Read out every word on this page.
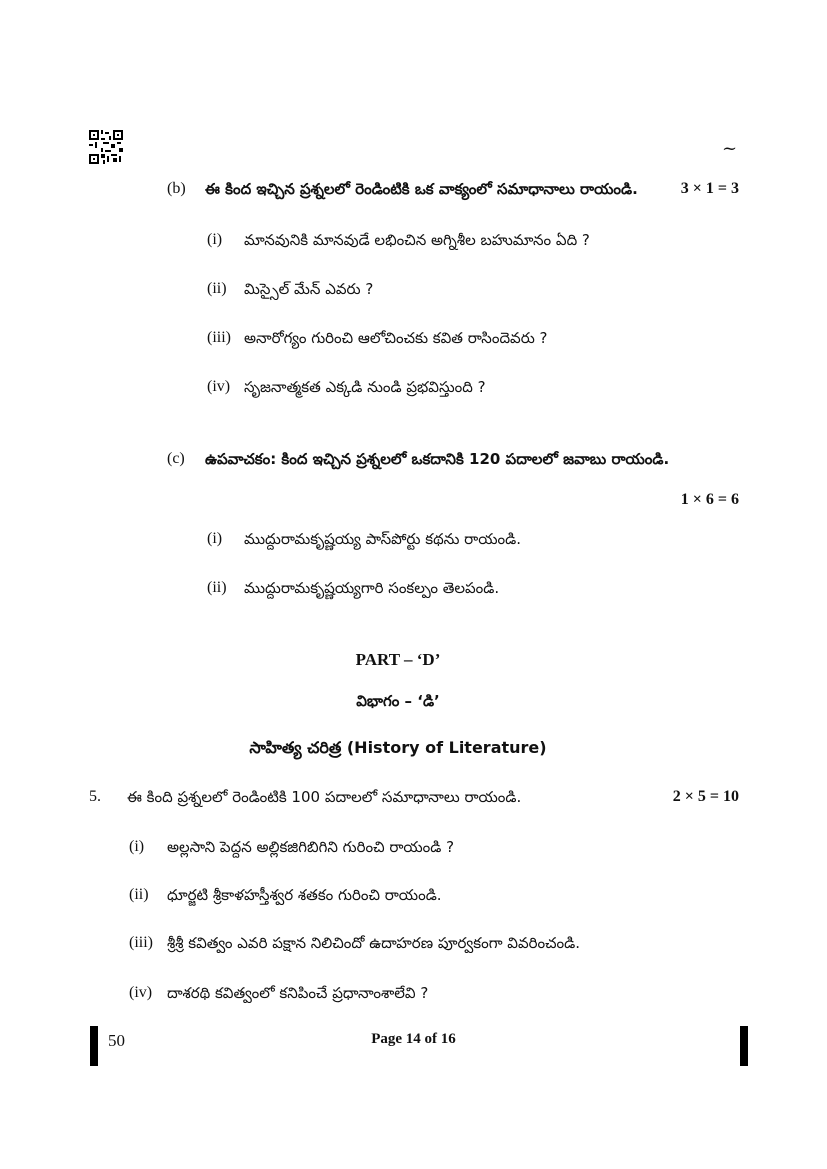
~
(b) ఈ కింద ఇచ్చిన ప్రశ్నలలో రెండింటికి ఒక వాక్యంలో సమాధానాలు రాయండి.	3 × 1 = 3
(i) మానవునికి మానవుడే లభించిన అగ్నిశీల బహుమానం ఏది ?
(ii) మిస్సైల్ మేన్ ఎవరు ?
(iii) అనారోగ్యం గురించి ఆలోచించకు కవిత రాసిందెవరు ?
(iv) సృజనాత్మకత ఎక్కడి నుండి ప్రభవిస్తుంది ?
(c) ఉపవాచకం: కింద ఇచ్చిన ప్రశ్నలలో ఒకదానికి 120 పదాలలో జవాబు రాయండి.
1 × 6 = 6
(i) ముద్దురామకృష్ణయ్య పాస్‌పోర్టు కథను రాయండి.
(ii) ముద్దురామకృష్ణయ్యగారి సంకల్పం తెలపండి.
PART – ‘D’
విభాగం – ‘డి’
సాహిత్య చరిత్ర (History of Literature)
5. ఈ కింది ప్రశ్నలలో రెండింటికి 100 పదాలలో సమాధానాలు రాయండి.	2 × 5 = 10
(i) అల్లసాని పెద్దన అల్లికజిగిబిగిని గురించి రాయండి ?
(ii) ధూర్జటి శ్రీకాళహస్తీశ్వర శతకం గురించి రాయండి.
(iii) శ్రీశ్రీ కవిత్వం ఎవరి పక్షాన నిలిచిందో ఉదాహరణ పూర్వకంగా వివరించండి.
(iv) దాశరథి కవిత్వంలో కనిపించే ప్రధానాంశాలేవి ?
50	Page 14 of 16
